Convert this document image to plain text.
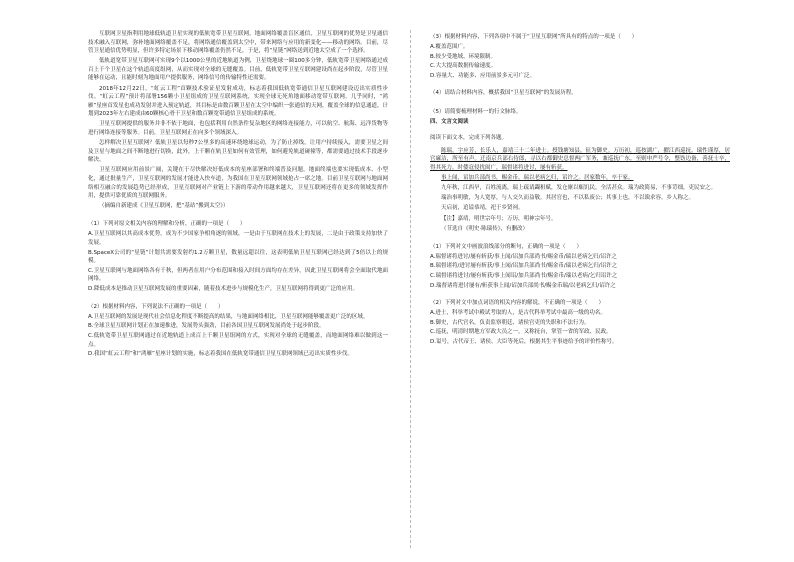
互联网卫星指利用地球低轨道卫星实现的低轨宽带卫星互联网。地面网络覆盖盲区通信，卫星互联网的优势是卫星通信技术融入互联网，弥补地面网络覆盖不足，将网络通信覆盖到太空中，带来网络与应用的新变化——移动的网络。目前，尽管卫星通信优势明显，但许多特定场景下移动网络覆盖仍然不足，于是，将“星链”网络送到近地太空成了一个选择。

低轨道宽带卫星互联网可实现9个以1000公里的近地轨道为例，卫星绕地球一圈100多分钟，低轨宽带卫星网络通过成百上千个卫星在这个轨道高度组网，从而实现对全球的无缝覆盖。目前，低轨宽带卫星互联网建设尚在起步阶段，尽管卫星能够在运动，且能时刻为地面用户提供服务，网络信号的传输特性还需要。

2018年12月22日，“虹云工程”首颗技术验证星发射成功，标志着我国低轨宽带通信卫星互联网建设迈出实质性步伐。“虹云工程”预计将部署156颗小卫星组成的卫星互联网系统，实现全球无死角地面移动宽带互联网。几乎同时，“鸿雁”星座首发星也成功发射并进入预定轨道，其目标是由数百颗卫星在太空中编织一张通信的天网，覆盖全球的信息通道，计划到2023年左右建成由60颗核心骨干卫星和数百颗宽带通信卫星组成的系统。

卫星互联网提供的服务并非不依于地面，也包括利用自然条件复杂地区的网络连接能力，可以航空、航海、远洋货物等进行网络连接等服务。目前，卫星互联网正在向多个领域深入。

怎样解决卫星互联网？低轨卫星以每秒7公里多的高速环绕地球运动，为了防止掉线，让用户持续接入，需要卫星之间及卫星与地面之间不断地进行切换，此外，上千颗在轨卫星如何有效管理，如何避免轨道碰撞等，都需要通过技术手段逐步解决。

卫星互联网应用前景广阔，关键在于尽快解决好低成本的星座部署和终端普及问题。地面终端也要实现低成本、小型化，通过批量生产，卫星互联网的发展才能进入快车道，为我国在卫星互联网领域抢占一席之地。目前卫星互联网与地面网络相互融合的发展趋势已经形成，卫星互联网对产业链上下游的带动作用越来越大，卫星互联网还将在更多的领域发挥作用，提供可靠优质的互联网服务。

（摘编自新建成《卫星互联网，把“基站”搬到太空》）

（1）下列对原文相关内容的理解和分析，正确的一项是（　　）

A.卫星互联网以其高成本优势，成为不少国家争相角逐的领域，一是由于互联网在技术上的发展，二是由于政策支持加快了发展。

B.SpaceX公司的“星链”计划共需要发射约1.2万颗卫星，数量远超以往，这表明低轨卫星互联网已经达到了5倍以上的规模。

C.卫星互联网与地面网络各有千秋，但两者在用户分布范围和接入时间方面均存在差异，因此卫星互联网将会全面取代地面网络。

D.降低成本是推动卫星互联网发展的重要因素，随着技术进步与规模化生产，卫星互联网将得到更广泛的应用。

（2）根据材料内容，下列说法不正确的一项是（　　）

A.卫星互联网的发展是现代社会信息化程度不断提高的结果，与地面网络相比，卫星互联网能够覆盖更广泛的区域。

B.全球卫星互联网计划正在加速推进，发展势头强劲，目前各国卫星互联网发展尚处于起步阶段。

C.低轨宽带卫星互联网通过在近地轨道上成百上千颗卫星组网的方式，实现对全球的无缝覆盖，而地面网络难以做到这一点。

D.我国“虹云工程”和“鸿雁”星座计划的实施，标志着我国在低轨宽带通信卫星互联网领域已迈出实质性步伐。

（3）根据材料内容，下列各项中不属于“卫星互联网”所具有的特点的一项是（　　）

A.覆盖范围广。

B.较少受地域、环境限制。

C.大大提高数据传输速度。

D.容量大、功能多、应用前景多元可广泛。

（4）请结合材料内容，概括我国“卫星互联网”的发展历程。

（5）请简要梳理材料一的行文脉络。

四、文言文阅读

阅读下面文本，完成下列各题。

陈瑞，字应芳，长乐人，嘉靖三十二年进士。授钱塘知县，征为御史。万历初，巡按湖广，擢江西巡抚。瑞性谨厚，居官廉洁，所至有声。迁南京兵部右侍郎，寻以右都御史总督两广军务，兼巡抚广东。至则申严号令，整饬边备，善抚士卒，得其死力。时倭寇侵扰闽广，瑞督诸将进讨，屡有斩获。

事上闻，诏加兵部尚书，赐金币。瑞以老病乞归，诏许之。居家数年，卒于家。

九年秋，江西旱，百姓流离，瑞上疏请蠲租赋，发仓廪以赈饥民，全活甚众。瑞为政简易，不事苛细，吏民安之。

瑞治事明敏，为人宽厚，与人交久而益敬。其居官也，不以私废公；其事上也，不以谀求容。乡人称之。

天启初，追谥恭靖，祀于乡贤祠。

【注】嘉靖，明世宗年号；万历，明神宗年号。

（节选自《明史·陈瑞传》，有删改）

（1）下列对文中画波浪线部分的断句，正确的一项是（　　）

A.瑞督诸将进讨/屡有斩获/事上闻/诏加兵部尚书/赐金币/瑞以老病乞归/诏许之

B.瑞督诸将/进讨屡有斩获/事上闻/诏加兵部尚书/赐金币/瑞以老病乞归/诏许之

C.瑞督诸将进讨/屡有斩获/事上闻诏/加兵部尚书/赐金币/瑞以老病/乞归诏许之

D.瑞督诸将进讨屡有/斩获事上闻/诏加兵部尚书/赐金币瑞/以老病乞归/诏许之

（2）下列对文中加点词语的相关内容的解说，不正确的一项是（　　）

A.进士，科举考试中殿试考取的人，是古代科举考试中最高一级的功名。

B.御史，古代官名，负责监察朝廷、诸侯官吏的失职和不法行为。

C.巡抚，明清时期地方军政大员之一，又称抚台，掌管一省的军政、民政。

D.谥号，古代帝王、诸侯、大臣等死后，根据其生平事迹给予的评价性称号。
